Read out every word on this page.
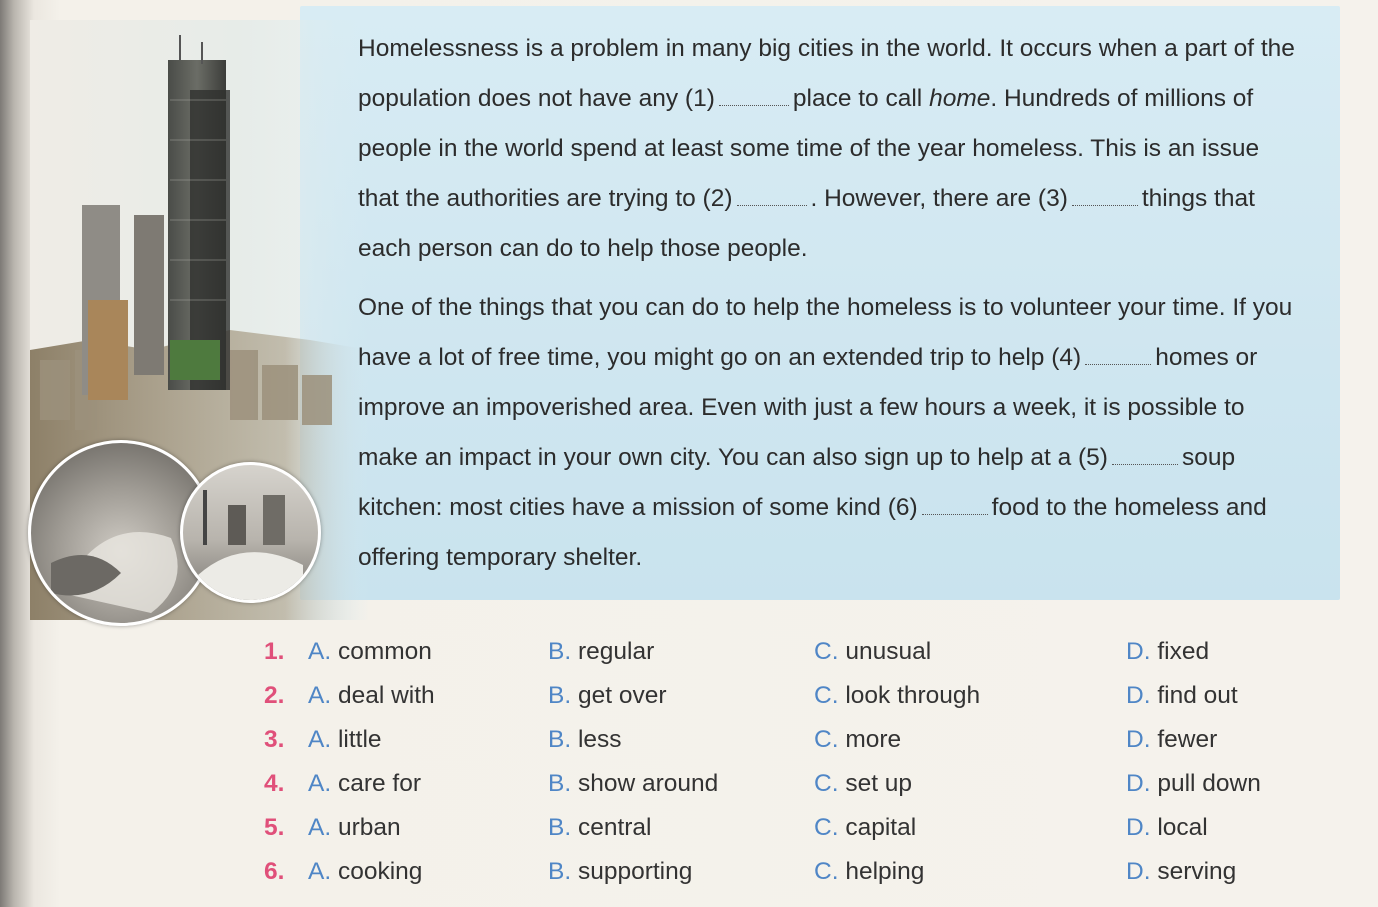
Homelessness is a problem in many big cities in the world. It occurs when a part of the population does not have any (1)	place to call home. Hundreds of millions of people in the world spend at least some time of the year homeless. This is an issue that the authorities are trying to (2)	. However, there are (3)	things that each person can do to help those people.

One of the things that you can do to help the homeless is to volunteer your time. If you have a lot of free time, you might go on an extended trip to help (4)	homes or improve an impoverished area. Even with just a few hours a week, it is possible to make an impact in your own city. You can also sign up to help at a (5)	soup kitchen: most cities have a mission of some kind (6)	food to the homeless and offering temporary shelter.

1. A. common	B. regular	C. unusual	D. fixed
2. A. deal with	B. get over	C. look through	D. find out
3. A. little	B. less	C. more	D. fewer
4. A. care for	B. show around	C. set up	D. pull down
5. A. urban	B. central	C. capital	D. local
6. A. cooking	B. supporting	C. helping	D. serving
